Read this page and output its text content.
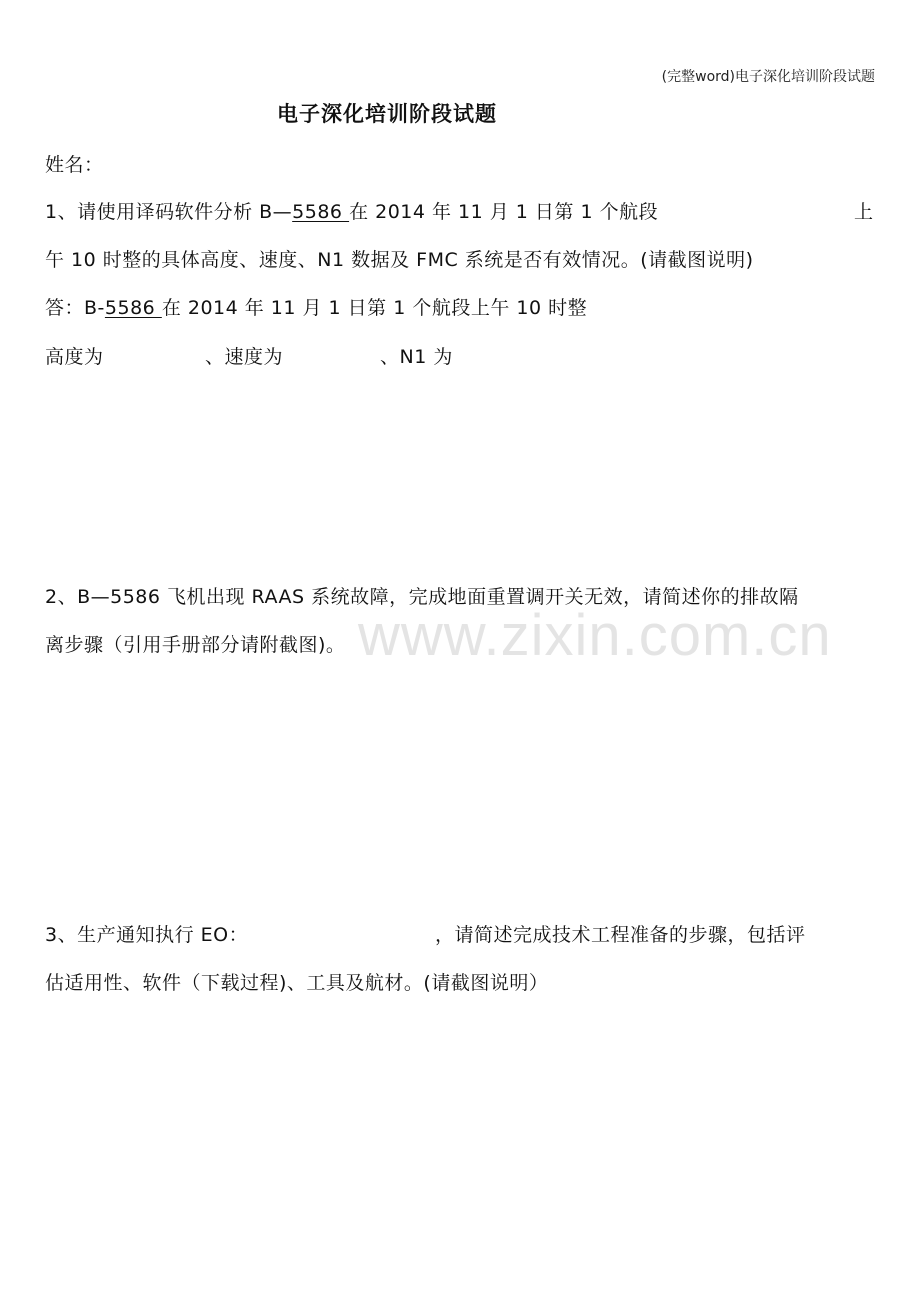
(完整word)电子深化培训阶段试题
电子深化培训阶段试题
姓名：
1、请使用译码软件分析 B—5586 在 2014 年 11 月 1 日第 1 个航段	上
午 10 时整的具体高度、速度、N1 数据及 FMC 系统是否有效情况。(请截图说明)
答：B-5586 在 2014 年 11 月 1 日第 1 个航段上午 10 时整
高度为	、速度为	、N1 为
2、B—5586 飞机出现 RAAS 系统故障，完成地面重置调开关无效，请简述你的排故隔
离步骤（引用手册部分请附截图)。 www.zixin.com.cn
3、生产通知执行 EO：	，请简述完成技术工程准备的步骤，包括评
估适用性、软件（下载过程)、工具及航材。(请截图说明）
